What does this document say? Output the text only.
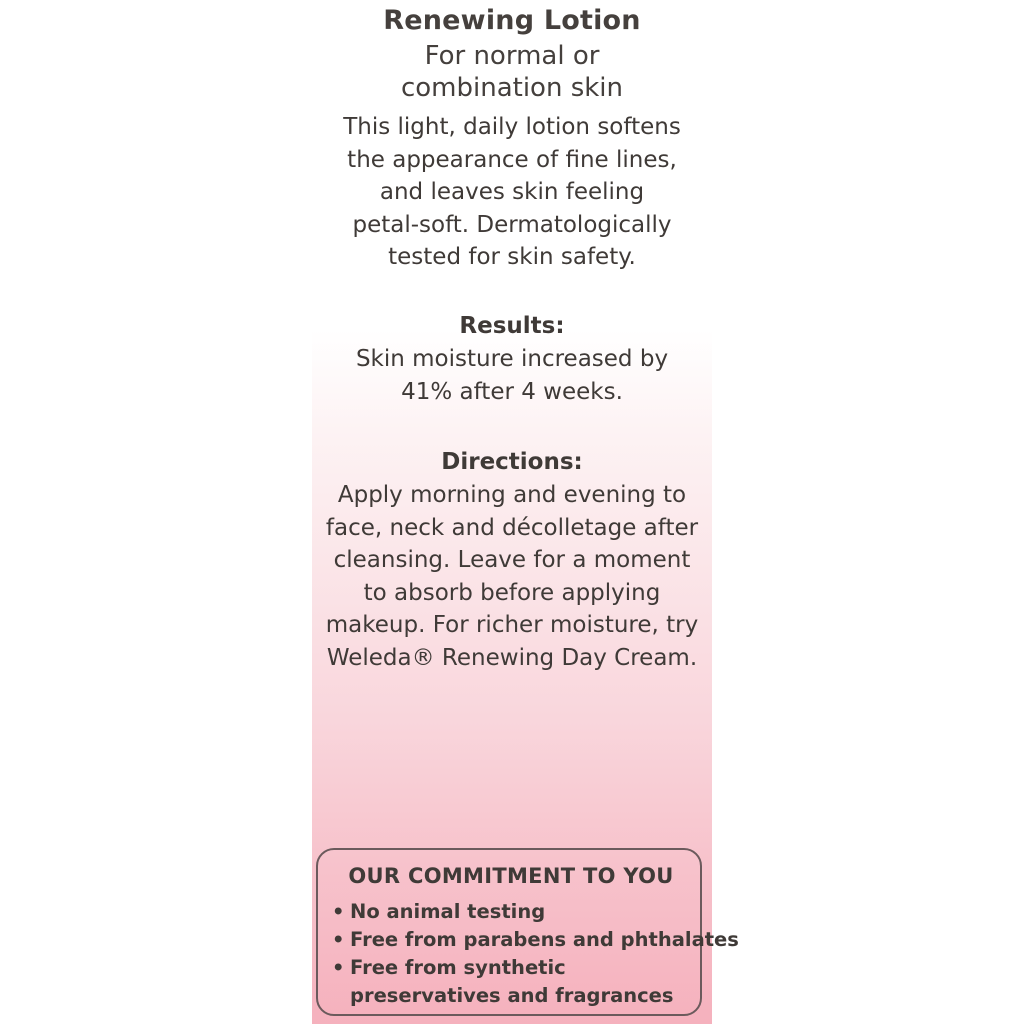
Renewing Lotion
For normal or
combination skin
This light, daily lotion softens
the appearance of fine lines,
and leaves skin feeling
petal-soft. Dermatologically
tested for skin safety.
Results:
Skin moisture increased by
41% after 4 weeks.
Directions:
Apply morning and evening to
face, neck and décolletage after
cleansing. Leave for a moment
to absorb before applying
makeup. For richer moisture, try
Weleda® Renewing Day Cream.
OUR COMMITMENT TO YOU
• No animal testing
• Free from parabens and phthalates
• Free from synthetic
preservatives and fragrances
